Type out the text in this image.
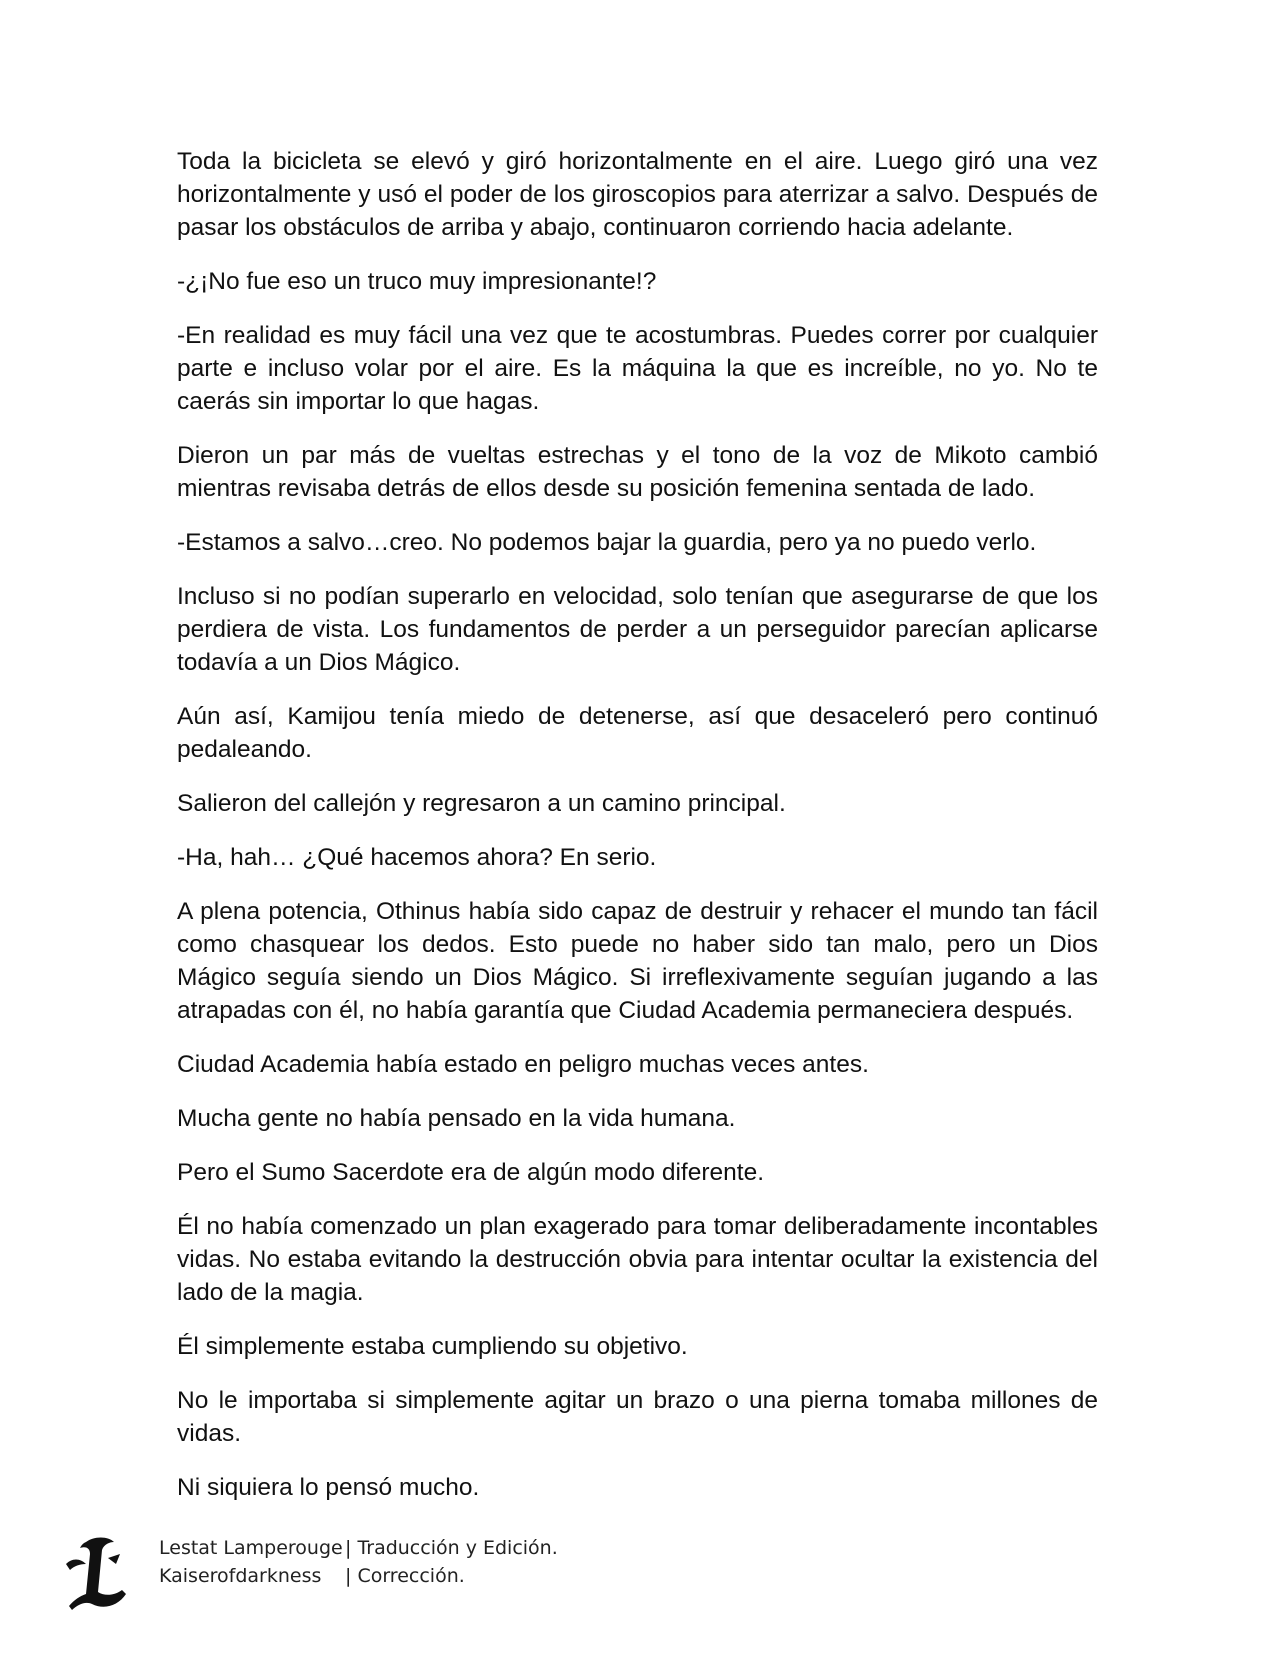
Toda la bicicleta se elevó y giró horizontalmente en el aire. Luego giró una vez horizontalmente y usó el poder de los giroscopios para aterrizar a salvo. Después de pasar los obstáculos de arriba y abajo, continuaron corriendo hacia adelante.

-¿¡No fue eso un truco muy impresionante!?

-En realidad es muy fácil una vez que te acostumbras. Puedes correr por cualquier parte e incluso volar por el aire. Es la máquina la que es increíble, no yo. No te caerás sin importar lo que hagas.

Dieron un par más de vueltas estrechas y el tono de la voz de Mikoto cambió mientras revisaba detrás de ellos desde su posición femenina sentada de lado.

-Estamos a salvo…creo. No podemos bajar la guardia, pero ya no puedo verlo.

Incluso si no podían superarlo en velocidad, solo tenían que asegurarse de que los perdiera de vista. Los fundamentos de perder a un perseguidor parecían aplicarse todavía a un Dios Mágico.

Aún así, Kamijou tenía miedo de detenerse, así que desaceleró pero continuó pedaleando.

Salieron del callejón y regresaron a un camino principal.

-Ha, hah… ¿Qué hacemos ahora? En serio.

A plena potencia, Othinus había sido capaz de destruir y rehacer el mundo tan fácil como chasquear los dedos. Esto puede no haber sido tan malo, pero un Dios Mágico seguía siendo un Dios Mágico. Si irreflexivamente seguían jugando a las atrapadas con él, no había garantía que Ciudad Academia permaneciera después.

Ciudad Academia había estado en peligro muchas veces antes.

Mucha gente no había pensado en la vida humana.

Pero el Sumo Sacerdote era de algún modo diferente.

Él no había comenzado un plan exagerado para tomar deliberadamente incontables vidas. No estaba evitando la destrucción obvia para intentar ocultar la existencia del lado de la magia.

Él simplemente estaba cumpliendo su objetivo.

No le importaba si simplemente agitar un brazo o una pierna tomaba millones de vidas.

Ni siquiera lo pensó mucho.

Lestat Lamperouge | Traducción y Edición.
Kaiserofdarkness	| Corrección.
